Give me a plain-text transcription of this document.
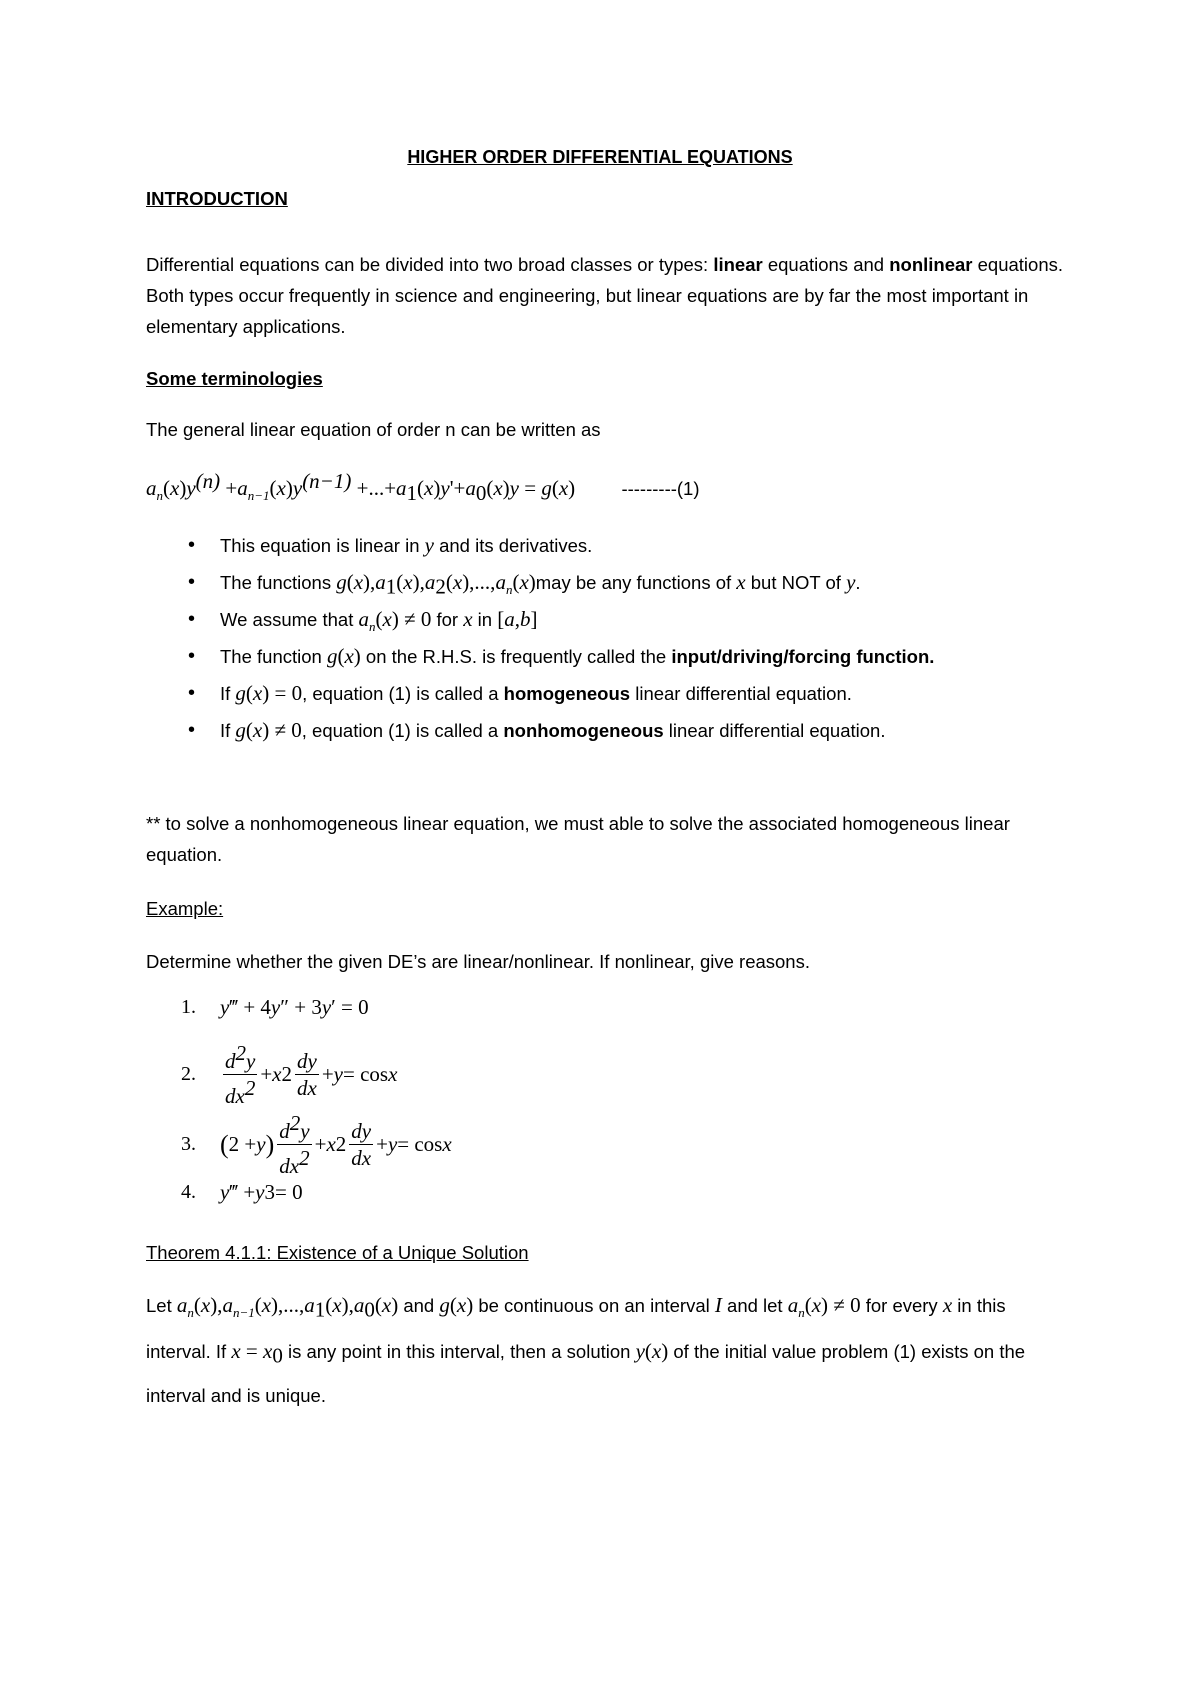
HIGHER ORDER DIFFERENTIAL EQUATIONS
INTRODUCTION
Differential equations can be divided into two broad classes or types: linear equations and nonlinear equations. Both types occur frequently in science and engineering, but linear equations are by far the most important in elementary applications.
Some terminologies
The general linear equation of order n can be written as
$a_n(x)y^{(n)} +a_{n-1}(x)y^{(n-1)} +...+a_1(x)y'+a_0(x)y = g(x)$	---------(1)
• This equation is linear in y and its derivatives.
• The functions $g(x),a_1(x),a_2(x),...,a_n(x)may$ be any functions of x but NOT of y.
• We assume that $a_n(x) \ne 0$ for x in [a,b]
• The function g(x) on the R.H.S. is frequently called the input/driving/forcing function.
• If g(x) = 0, equation (1) is called a homogeneous linear differential equation.
• If g(x) ≠ 0, equation (1) is called a nonhomogeneous linear differential equation.
** to solve a nonhomogeneous linear equation, we must able to solve the associated homogeneous linear equation.
Example:
Determine whether the given DE’s are linear/nonlinear. If nonlinear, give reasons.
1.	y ‴ + 4 y ″ + 3 y ′ = 0
2.	$\frac{d^2y}{dx^2} + x$ $2 \frac{dy}{dx} + y = \cos x$
3. ( 2 + y ) $\frac{d^2y}{dx^2} + x$ $2 \frac{dy}{dx} + y = \cos x$
4.	y ‴ + y 3 = 0
Theorem 4.1.1: Existence of a Unique Solution
Let $a_n(x),a_{n-1}(x),...,a_1(x),a_0(x)$ and g(x) be continuous on an interval I and let $a_n(x) \ne 0$ for every x in this interval. If $x = x_0$ is any point in this interval, then a solution y(x) of the initial value problem (1) exists on the interval and is unique.
